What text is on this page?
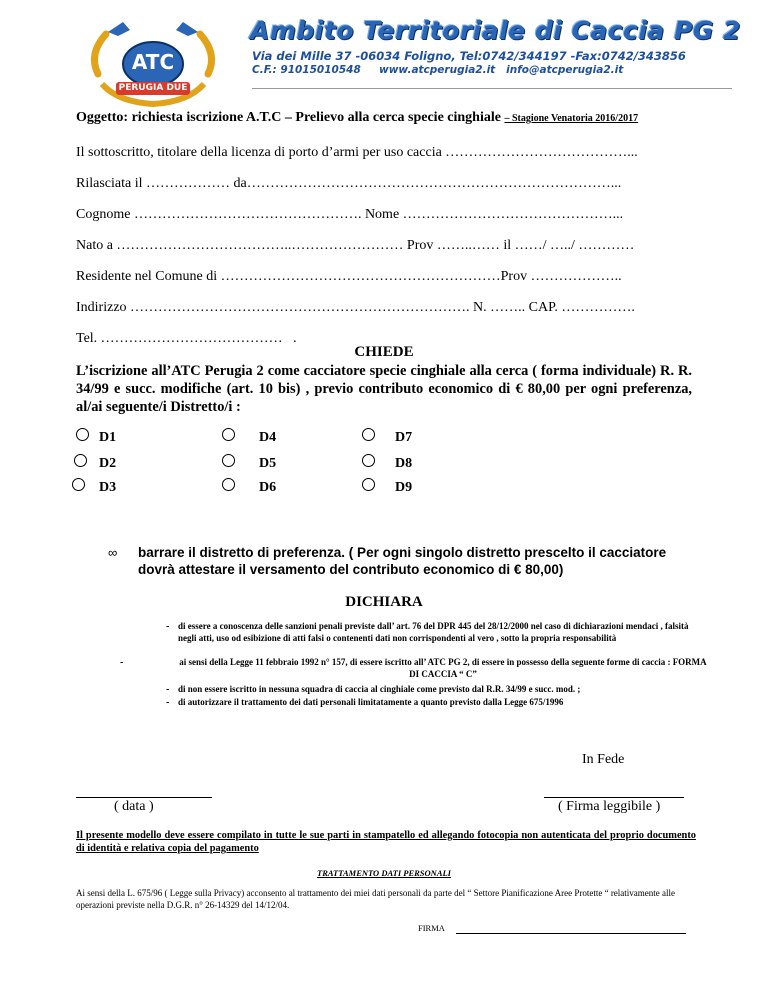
ATC
PERUGIA DUE
Ambito Territoriale di Caccia PG 2
Via dei Mille 37 -06034 Foligno, Tel:0742/344197 -Fax:0742/343856
C.F.: 91015010548     www.atcperugia2.it   info@atcperugia2.it
Oggetto: richiesta iscrizione A.T.C – Prelievo alla cerca specie cinghiale – Stagione Venatoria 2016/2017
Il sottoscritto, titolare della licenza di porto d’armi per uso caccia …………………………………...
Rilasciata il ……………… da……………………………………………………………………...
Cognome …………………………………………. Nome ………………………………………...
Nato a ………………………………..…………………… Prov ……..…… il ……/ …../ …………
Residente nel Comune di ……………………………………………………Prov ………………..
Indirizzo ………………………………………………………………. N. …….. CAP. …………….
Tel. …………………………………   .
CHIEDE
L’iscrizione all’ATC Perugia 2 come cacciatore specie cinghiale alla cerca ( forma individuale) R. R. 34/99 e succ. modifiche (art. 10 bis) , previo contributo economico di € 80,00 per ogni preferenza, al/ai seguente/i Distretto/i :
D1	D4	D7
D2	D5	D8
D3	D6	D9
∞ barrare il distretto di preferenza. ( Per ogni singolo distretto prescelto il cacciatore dovrà attestare il versamento del contributo economico di € 80,00)
DICHIARA
- di essere a conoscenza delle sanzioni penali previste dall’ art. 76 del DPR 445 del 28/12/2000 nel caso di dichiarazioni mendaci , falsità negli atti, uso od esibizione di atti falsi o contenenti dati non corrispondenti al vero , sotto la propria responsabilità
-	ai sensi della Legge 11 febbraio 1992 n° 157, di essere iscritto all’ ATC PG 2, di essere in possesso della seguente forme di caccia : FORMA DI CACCIA “ C”
- di non essere iscritto in nessuna squadra di caccia al cinghiale come previsto dal R.R. 34/99 e succ. mod. ;
- di autorizzare il trattamento dei dati personali limitatamente a quanto previsto dalla Legge 675/1996
In Fede
( data )	( Firma leggibile )
Il presente modello deve essere compilato in tutte le sue parti in stampatello ed allegando fotocopia non autenticata del proprio documento di identità e relativa copia del pagamento
TRATTAMENTO DATI PERSONALI
Ai sensi della L. 675/96 ( Legge sulla Privacy) acconsento al trattamento dei miei dati personali da parte del “ Settore Pianificazione Aree Protette “ relativamente alle operazioni previste nella D.G.R. n° 26-14329 del 14/12/04.
FIRMA
